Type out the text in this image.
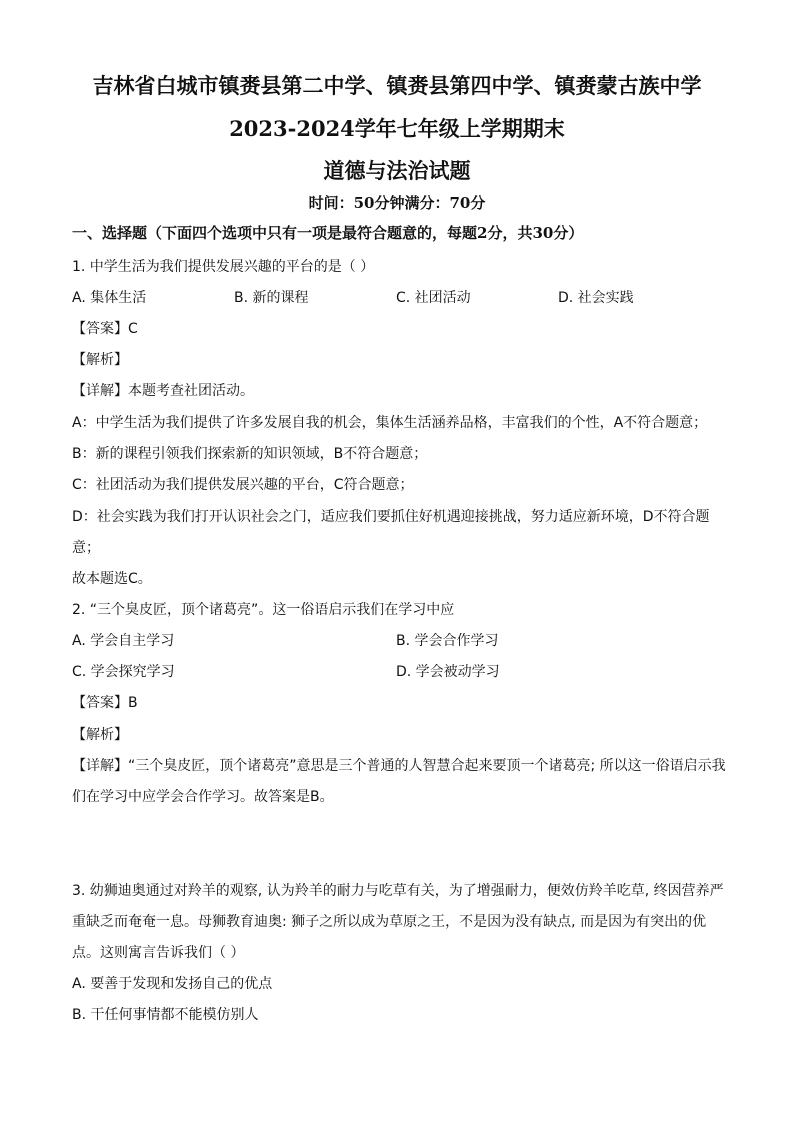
吉林省白城市镇赉县第二中学、镇赉县第四中学、镇赉蒙古族中学
2023-2024学年七年级上学期期末
道德与法治试题
时间：50分钟满分：70分
一、选择题（下面四个选项中只有一项是最符合题意的，每题2分，共30分）
1. 中学生活为我们提供发展兴趣的平台的是（ ）
A. 集体生活	B. 新的课程	C. 社团活动	D. 社会实践
【答案】C
【解析】
【详解】本题考查社团活动。
A：中学生活为我们提供了许多发展自我的机会，集体生活涵养品格，丰富我们的个性，A不符合题意；
B：新的课程引领我们探索新的知识领域，B不符合题意；
C：社团活动为我们提供发展兴趣的平台，C符合题意；
D：社会实践为我们打开认识社会之门，适应我们要抓住好机遇迎接挑战，努力适应新环境，D不符合题
意；
故本题选C。
2. “三个臭皮匠，顶个诸葛亮”。这一俗语启示我们在学习中应
A. 学会自主学习	B. 学会合作学习
C. 学会探究学习	D. 学会被动学习
【答案】B
【解析】
【详解】“三个臭皮匠，顶个诸葛亮”意思是三个普通的人智慧合起来要顶一个诸葛亮; 所以这一俗语启示我
们在学习中应学会合作学习。故答案是B。
3. 幼狮迪奥通过对羚羊的观察, 认为羚羊的耐力与吃草有关，为了增强耐力，便效仿羚羊吃草, 终因营养严
重缺乏而奄奄一息。母狮教育迪奥: 狮子之所以成为草原之王，不是因为没有缺点, 而是因为有突出的优
点。这则寓言告诉我们（ ）
A. 要善于发现和发扬自己的优点
B. 干任何事情都不能模仿别人
